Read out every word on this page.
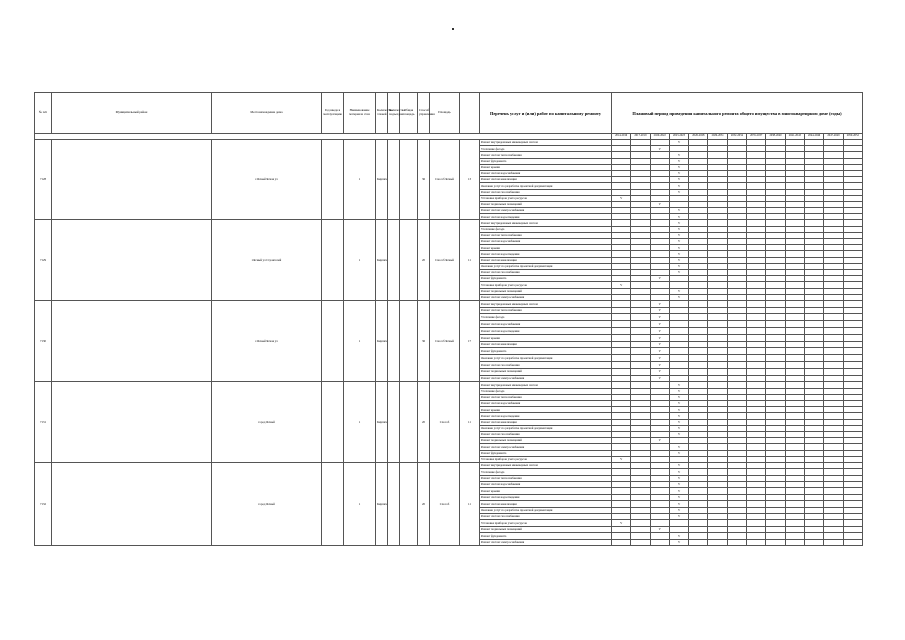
№ п/п	Муниципальный район	Местонахождение дома	Год ввода в эксплуатацию	Наименование материала стен	Количество этажей	Количество подъездов	Общая площадь	Способ управления	Площадь		Перечень услуг и (или) работ по капитальному ремонту	Плановый период проведения капитального ремонта общего имущества в многоквартирном доме (годы)												
												2014-2016	2017-2019	2020-2022	2023-2025	2026-2028	2029-2031	2032-2034	2035-2037	2038-2040	2041-2043	2044-2046	2047-2049	2050-2052
7128		г.Ясный Ясная ул		1	Кирпич			36	Способ Ясный	13	Ремонт внутридомовых инженерных систем				V									
											Утепление фасада			V										
											Ремонт систем теплоснабжения				V									
											Ремонт фундамента				V									
											Ремонт крыши				V									
											Ремонт систем водоснабжения				V									
											Ремонт систем канализации				V									
											Оказание услуг по разработке проектной документации				V									
											Ремонт систем газоснабжения				V									
											Установка приборов учета ресурсов	V												
											Ремонт подвальных помещений			V										
											Ремонт систем электроснабжения				V									
											Ремонт систем водоотведения				V									
7129		г.Ясный ул Строителей		1	Кирпич			20	Способ Ясный	11	Ремонт внутридомовых инженерных систем				V									
											Утепление фасада				V									
											Ремонт систем теплоснабжения				V									
											Ремонт систем водоснабжения				V									
											Ремонт крыши				V									
											Ремонт систем водоотведения				V									
											Ремонт систем канализации				V									
											Оказание услуг по разработке проектной документации				V									
											Ремонт систем газоснабжения				V									
											Ремонт фундамента			V										
											Установка приборов учета ресурсов	V												
											Ремонт подвальных помещений				V									
											Ремонт систем электроснабжения				V									
7130		г.Ясный Ясная ул		1	Кирпич			36	Способ Ясный	17	Ремонт внутридомовых инженерных систем			V										
											Ремонт систем теплоснабжения			V										
											Утепление фасада			V										
											Ремонт систем водоснабжения			V										
											Ремонт систем водоотведения			V										
											Ремонт крыши			V										
											Ремонт систем канализации			V										
											Ремонт фундамента			V										
											Оказание услуг по разработке проектной документации			V										
											Ремонт систем газоснабжения			V										
											Ремонт подвальных помещений			V										
											Ремонт систем электроснабжения			V										
7131		город Ясный		1	Кирпич			20	Способ	11	Ремонт внутридомовых инженерных систем				V									
											Утепление фасада				V									
											Ремонт систем теплоснабжения				V									
											Ремонт систем водоснабжения				V									
											Ремонт крыши				V									
											Ремонт систем водоотведения				V									
											Ремонт систем канализации				V									
											Оказание услуг по разработке проектной документации				V									
											Ремонт систем газоснабжения				V									
											Ремонт подвальных помещений			V										
											Ремонт систем электроснабжения				V									
											Ремонт фундамента				V									
											Установка приборов учета ресурсов	V												
7132		город Ясный		1	Кирпич			20	Способ	11	Ремонт внутридомовых инженерных систем				V									
											Утепление фасада				V									
											Ремонт систем теплоснабжения				V									
											Ремонт систем водоснабжения				V									
											Ремонт крыши				V									
											Ремонт систем водоотведения				V									
											Ремонт систем канализации				V									
											Оказание услуг по разработке проектной документации				V									
											Ремонт систем газоснабжения				V									
											Установка приборов учета ресурсов	V												
											Ремонт подвальных помещений			V										
											Ремонт фундамента				V									
											Ремонт систем электроснабжения				V									
